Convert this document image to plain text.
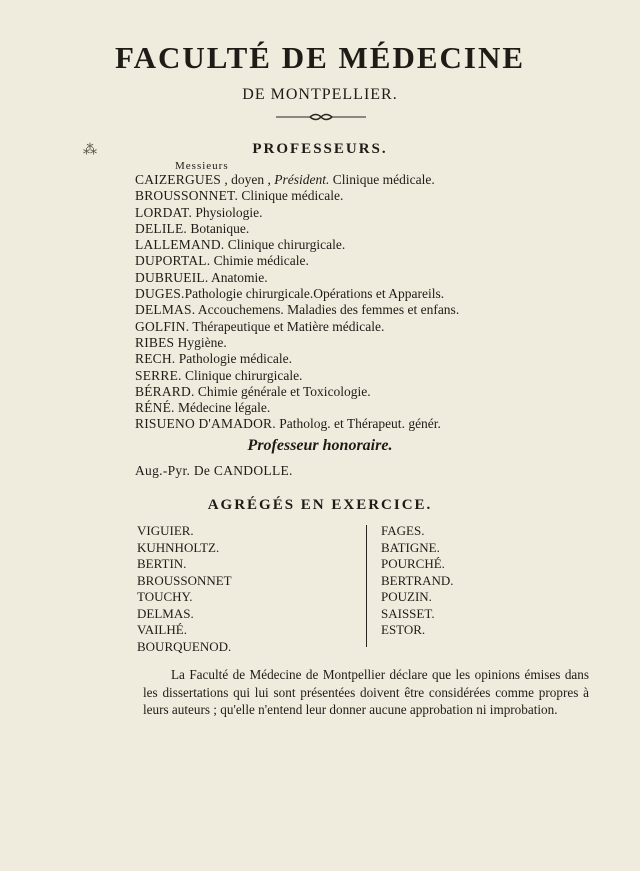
FACULTÉ DE MÉDECINE
DE MONTPELLIER.
⁂	PROFESSEURS.
Messieurs
CAIZERGUES , doyen , Président. Clinique médicale.
BROUSSONNET. Clinique médicale.
LORDAT. Physiologie.
DELILE. Botanique.
LALLEMAND. Clinique chirurgicale.
DUPORTAL. Chimie médicale.
DUBRUEIL. Anatomie.
DUGES.Pathologie chirurgicale.Opérations et Appareils.
DELMAS. Accouchemens. Maladies des femmes et enfans.
GOLFIN. Thérapeutique et Matière médicale.
RIBES Hygiène.
RECH. Pathologie médicale.
SERRE. Clinique chirurgicale.
BÉRARD. Chimie générale et Toxicologie.
RÉNÉ. Médecine légale.
RISUENO D'AMADOR. Patholog. et Thérapeut. génér.
Professeur honoraire.
Aug.-Pyr. De CANDOLLE.
AGRÉGÉS EN EXERCICE.
VIGUIER.
KUHNHOLTZ.
BERTIN.
BROUSSONNET
TOUCHY.
DELMAS.
VAILHÉ.
BOURQUENOD.
FAGES.
BATIGNE.
POURCHÉ.
BERTRAND.
POUZIN.
SAISSET.
ESTOR.
La Faculté de Médecine de Montpellier déclare que les opinions émises dans les dissertations qui lui sont présentées doivent être considérées comme propres à leurs auteurs ; qu'elle n'entend leur donner aucune approbation ni improbation.
